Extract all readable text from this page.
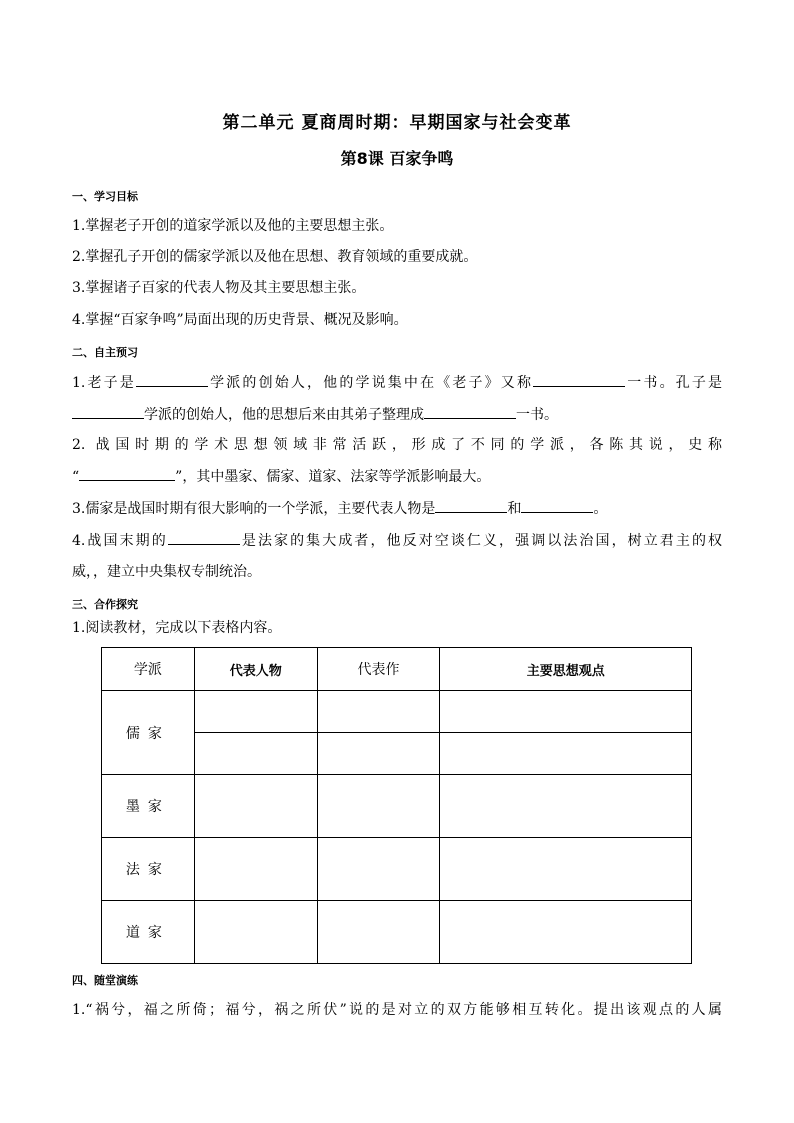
第二单元 夏商周时期：早期国家与社会变革
第8课 百家争鸣
一、学习目标
1.掌握老子开创的道家学派以及他的主要思想主张。
2.掌握孔子开创的儒家学派以及他在思想、教育领域的重要成就。
3.掌握诸子百家的代表人物及其主要思想主张。
4.掌握“百家争鸣”局面出现的历史背景、概况及影响。
二、自主预习
1.老子是	学派的创始人，他的学说集中在《老子》又称	一书。孔子是
学派的创始人，他的思想后来由其弟子整理成	一书。
2. 战国时期的学术思想领域非常活跃，形成了不同的学派，各陈其说，史称
“	”，其中墨家、儒家、道家、法家等学派影响最大。
3.儒家是战国时期有很大影响的一个学派，主要代表人物是	和	。
4.战国末期的	是法家的集大成者，他反对空谈仁义，强调以法治国，树立君主的权
威，，建立中央集权专制统治。
三、合作探究
1.阅读教材，完成以下表格内容。
学派	代表人物	代表作	主要思想观点
儒家			

墨家			
法家			
道家			
四、随堂演练
1.“祸兮，福之所倚；福兮，祸之所伏”说的是对立的双方能够相互转化。提出该观点的人属
